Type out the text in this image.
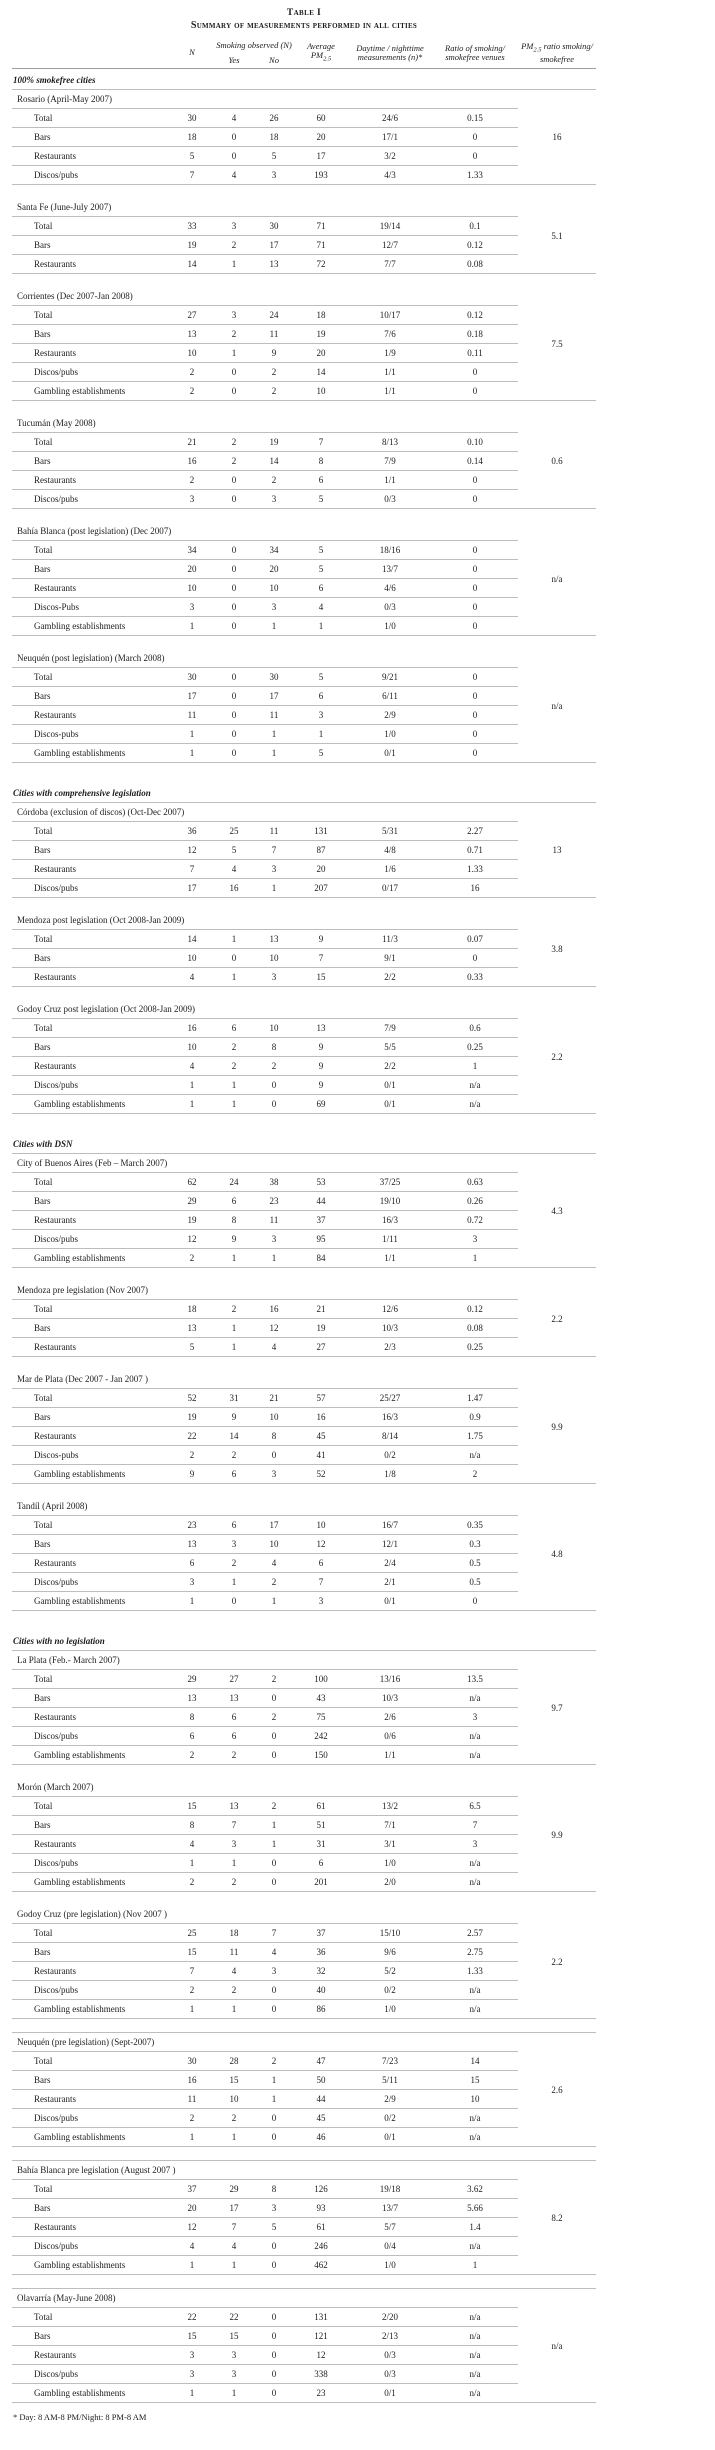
Table I
Summary of measurements performed in all cities
	N	Smoking observed (N)		Average $PM_{2.5}$	Daytime / nighttime measurements (n)*	Ratio of smoking/ smokefree venues	$PM_{2.5}$ ratio smoking/ smokefree
		Yes	No				
100% smokefree cities							
Rosario (April-May 2007)							16
Total	30	4	26	60	24/6	0.15	
Bars	18	0	18	20	17/1	0	
Restaurants	5	0	5	17	3/2	0	
Discos/pubs	7	4	3	193	4/3	1.33	

Santa Fe (June-July 2007)							5.1
Total	33	3	30	71	19/14	0.1	
Bars	19	2	17	71	12/7	0.12	
Restaurants	14	1	13	72	7/7	0.08	

Corrientes (Dec 2007-Jan 2008)							7.5
Total	27	3	24	18	10/17	0.12	
Bars	13	2	11	19	7/6	0.18	
Restaurants	10	1	9	20	1/9	0.11	
Discos/pubs	2	0	2	14	1/1	0	
Gambling establishments	2	0	2	10	1/1	0	

Tucumán (May 2008)							0.6
Total	21	2	19	7	8/13	0.10	
Bars	16	2	14	8	7/9	0.14	
Restaurants	2	0	2	6	1/1	0	
Discos/pubs	3	0	3	5	0/3	0	

Bahía Blanca (post legislation) (Dec 2007)							n/a
Total	34	0	34	5	18/16	0	
Bars	20	0	20	5	13/7	0	
Restaurants	10	0	10	6	4/6	0	
Discos-Pubs	3	0	3	4	0/3	0	
Gambling establishments	1	0	1	1	1/0	0	

Neuquén (post legislation) (March 2008)							n/a
Total	30	0	30	5	9/21	0	
Bars	17	0	17	6	6/11	0	
Restaurants	11	0	11	3	2/9	0	
Discos-pubs	1	0	1	1	1/0	0	
Gambling establishments	1	0	1	5	0/1	0	

Cities with comprehensive legislation							
Córdoba (exclusion of discos) (Oct-Dec 2007)							13
Total	36	25	11	131	5/31	2.27	
Bars	12	5	7	87	4/8	0.71	
Restaurants	7	4	3	20	1/6	1.33	
Discos/pubs	17	16	1	207	0/17	16	

Mendoza post legislation (Oct 2008-Jan 2009)							3.8
Total	14	1	13	9	11/3	0.07	
Bars	10	0	10	7	9/1	0	
Restaurants	4	1	3	15	2/2	0.33	

Godoy Cruz post legislation (Oct 2008-Jan 2009)							2.2
Total	16	6	10	13	7/9	0.6	
Bars	10	2	8	9	5/5	0.25	
Restaurants	4	2	2	9	2/2	1	
Discos/pubs	1	1	0	9	0/1	n/a	
Gambling establishments	1	1	0	69	0/1	n/a	

Cities with DSN							
City of Buenos Aires (Feb – March 2007)							4.3
Total	62	24	38	53	37/25	0.63	
Bars	29	6	23	44	19/10	0.26	
Restaurants	19	8	11	37	16/3	0.72	
Discos/pubs	12	9	3	95	1/11	3	
Gambling establishments	2	1	1	84	1/1	1	

Mendoza pre legislation (Nov 2007)							2.2
Total	18	2	16	21	12/6	0.12	
Bars	13	1	12	19	10/3	0.08	
Restaurants	5	1	4	27	2/3	0.25	

Mar de Plata (Dec 2007 - Jan 2007 )							9.9
Total	52	31	21	57	25/27	1.47	
Bars	19	9	10	16	16/3	0.9	
Restaurants	22	14	8	45	8/14	1.75	
Discos-pubs	2	2	0	41	0/2	n/a	
Gambling establishments	9	6	3	52	1/8	2	

Tandíl (April 2008)							4.8
Total	23	6	17	10	16/7	0.35	
Bars	13	3	10	12	12/1	0.3	
Restaurants	6	2	4	6	2/4	0.5	
Discos/pubs	3	1	2	7	2/1	0.5	
Gambling establishments	1	0	1	3	0/1	0	

Cities with no legislation							
La Plata (Feb.- March 2007)							9.7
Total	29	27	2	100	13/16	13.5	
Bars	13	13	0	43	10/3	n/a	
Restaurants	8	6	2	75	2/6	3	
Discos/pubs	6	6	0	242	0/6	n/a	
Gambling establishments	2	2	0	150	1/1	n/a	

Morón (March 2007)							9.9
Total	15	13	2	61	13/2	6.5	
Bars	8	7	1	51	7/1	7	
Restaurants	4	3	1	31	3/1	3	
Discos/pubs	1	1	0	6	1/0	n/a	
Gambling establishments	2	2	0	201	2/0	n/a	

Godoy Cruz (pre legislation) (Nov 2007 )							2.2
Total	25	18	7	37	15/10	2.57	
Bars	15	11	4	36	9/6	2.75	
Restaurants	7	4	3	32	5/2	1.33	
Discos/pubs	2	2	0	40	0/2	n/a	
Gambling establishments	1	1	0	86	1/0	n/a	

Neuquén (pre legislation) (Sept-2007)							2.6
Total	30	28	2	47	7/23	14	
Bars	16	15	1	50	5/11	15	
Restaurants	11	10	1	44	2/9	10	
Discos/pubs	2	2	0	45	0/2	n/a	
Gambling establishments	1	1	0	46	0/1	n/a	

Bahía Blanca pre legislation (August 2007 )							8.2
Total	37	29	8	126	19/18	3.62	
Bars	20	17	3	93	13/7	5.66	
Restaurants	12	7	5	61	5/7	1.4	
Discos/pubs	4	4	0	246	0/4	n/a	
Gambling establishments	1	1	0	462	1/0	1	

Olavarría (May-June 2008)							n/a
Total	22	22	0	131	2/20	n/a	
Bars	15	15	0	121	2/13	n/a	
Restaurants	3	3	0	12	0/3	n/a	
Discos/pubs	3	3	0	338	0/3	n/a	
Gambling establishments	1	1	0	23	0/1	n/a	
* Day: 8 AM-8 PM/Night: 8 PM-8 AM
